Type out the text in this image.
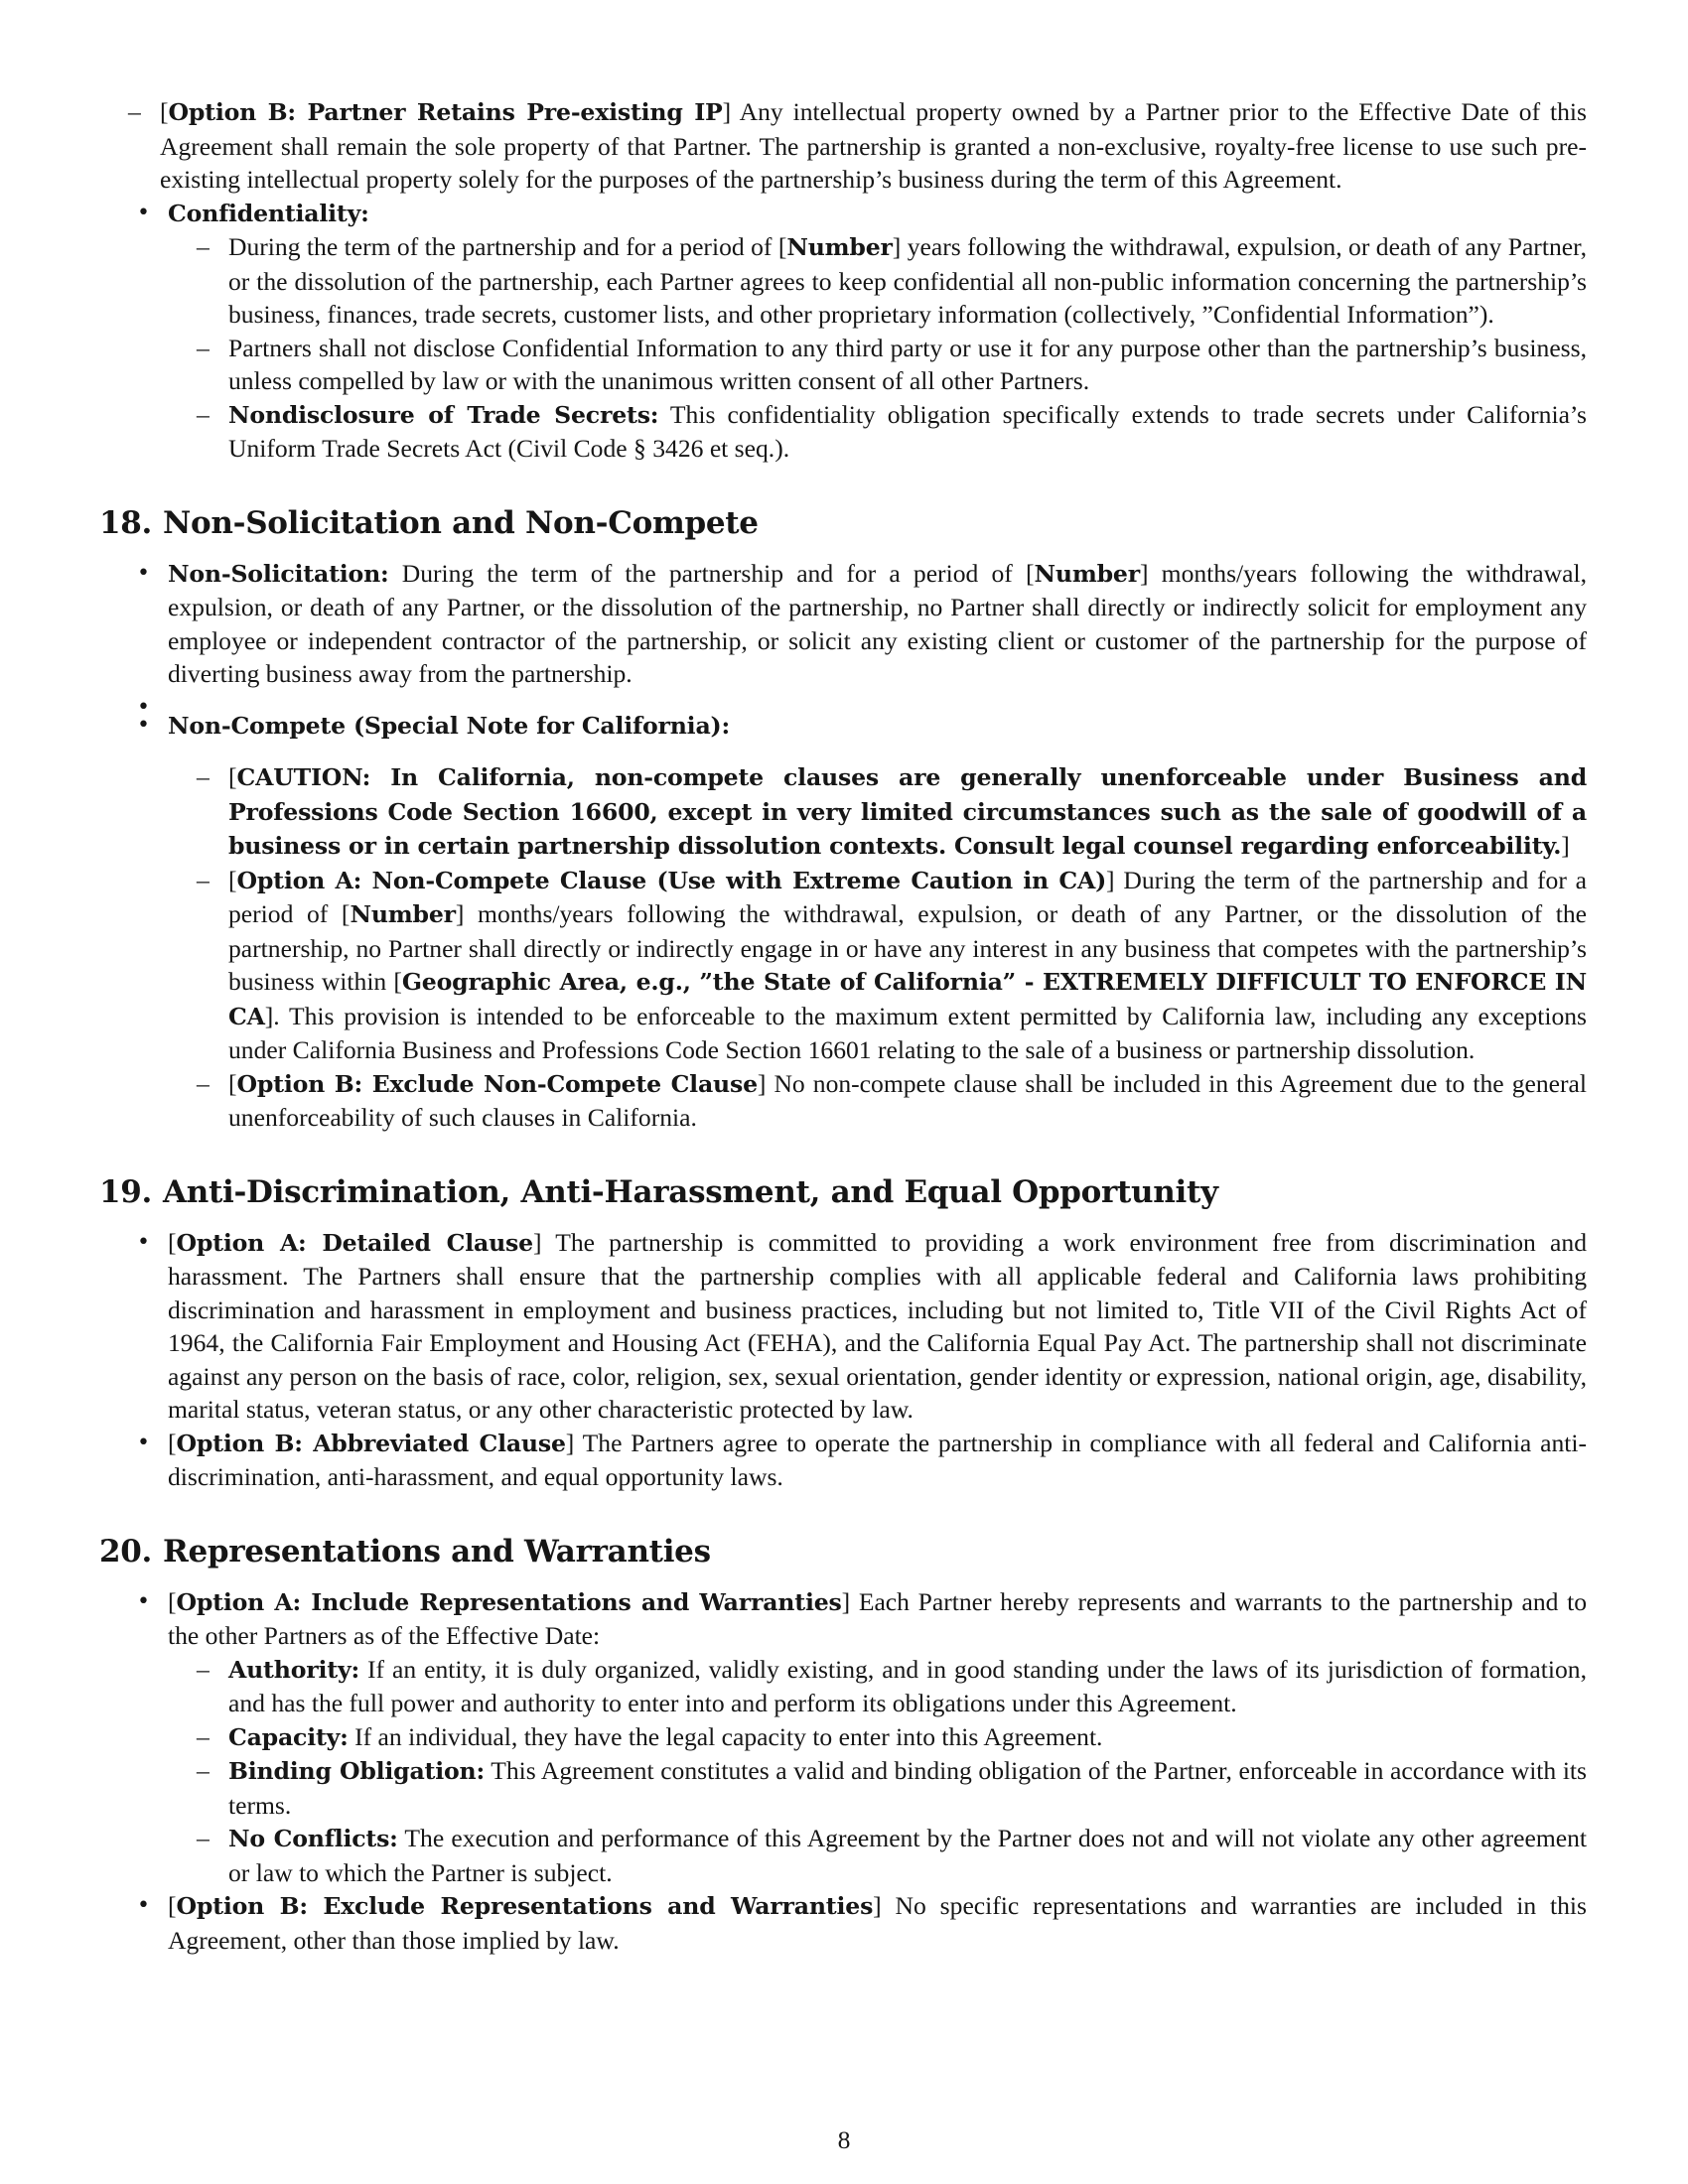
– [Option B: Partner Retains Pre-existing IP] Any intellectual property owned by a Partner prior to the Effective Date of this Agreement shall remain the sole property of that Partner. The partnership is granted a non-exclusive, royalty-free license to use such pre-existing intellectual property solely for the purposes of the partnership’s business during the term of this Agreement.
• Confidentiality:
– During the term of the partnership and for a period of [Number] years following the withdrawal, expulsion, or death of any Partner, or the dissolution of the partnership, each Partner agrees to keep confidential all non-public information concerning the partnership’s business, finances, trade secrets, customer lists, and other proprietary information (collectively, ”Confidential Information”).
– Partners shall not disclose Confidential Information to any third party or use it for any purpose other than the partnership’s business, unless compelled by law or with the unanimous written consent of all other Partners.
– Nondisclosure of Trade Secrets: This confidentiality obligation specifically extends to trade secrets under California’s Uniform Trade Secrets Act (Civil Code § 3426 et seq.).
18. Non-Solicitation and Non-Compete
• Non-Solicitation: During the term of the partnership and for a period of [Number] months/years following the withdrawal, expulsion, or death of any Partner, or the dissolution of the partnership, no Partner shall directly or indirectly solicit for employment any employee or independent contractor of the partnership, or solicit any existing client or customer of the partnership for the purpose of diverting business away from the partnership.
•
• Non-Compete (Special Note for California):
– [CAUTION: In California, non-compete clauses are generally unenforceable under Business and Professions Code Section 16600, except in very limited circumstances such as the sale of goodwill of a business or in certain partnership dissolution contexts. Consult legal counsel regarding enforceability.]
– [Option A: Non-Compete Clause (Use with Extreme Caution in CA)] During the term of the partnership and for a period of [Number] months/years following the withdrawal, expulsion, or death of any Partner, or the dissolution of the partnership, no Partner shall directly or indirectly engage in or have any interest in any business that competes with the partnership’s business within [Geographic Area, e.g., ”the State of California” - EXTREMELY DIFFICULT TO ENFORCE IN CA]. This provision is intended to be enforceable to the maximum extent permitted by California law, including any exceptions under California Business and Professions Code Section 16601 relating to the sale of a business or partnership dissolution.
– [Option B: Exclude Non-Compete Clause] No non-compete clause shall be included in this Agreement due to the general unenforceability of such clauses in California.
19. Anti-Discrimination, Anti-Harassment, and Equal Opportunity
• [Option A: Detailed Clause] The partnership is committed to providing a work environment free from discrimination and harassment. The Partners shall ensure that the partnership complies with all applicable federal and California laws prohibiting discrimination and harassment in employment and business practices, including but not limited to, Title VII of the Civil Rights Act of 1964, the California Fair Employment and Housing Act (FEHA), and the California Equal Pay Act. The partnership shall not discriminate against any person on the basis of race, color, religion, sex, sexual orientation, gender identity or expression, national origin, age, disability, marital status, veteran status, or any other characteristic protected by law.
• [Option B: Abbreviated Clause] The Partners agree to operate the partnership in compliance with all federal and California anti-discrimination, anti-harassment, and equal opportunity laws.
20. Representations and Warranties
• [Option A: Include Representations and Warranties] Each Partner hereby represents and warrants to the partnership and to the other Partners as of the Effective Date:
– Authority: If an entity, it is duly organized, validly existing, and in good standing under the laws of its jurisdiction of formation, and has the full power and authority to enter into and perform its obligations under this Agreement.
– Capacity: If an individual, they have the legal capacity to enter into this Agreement.
– Binding Obligation: This Agreement constitutes a valid and binding obligation of the Partner, enforceable in accordance with its terms.
– No Conflicts: The execution and performance of this Agreement by the Partner does not and will not violate any other agreement or law to which the Partner is subject.
• [Option B: Exclude Representations and Warranties] No specific representations and warranties are included in this Agreement, other than those implied by law.
8
